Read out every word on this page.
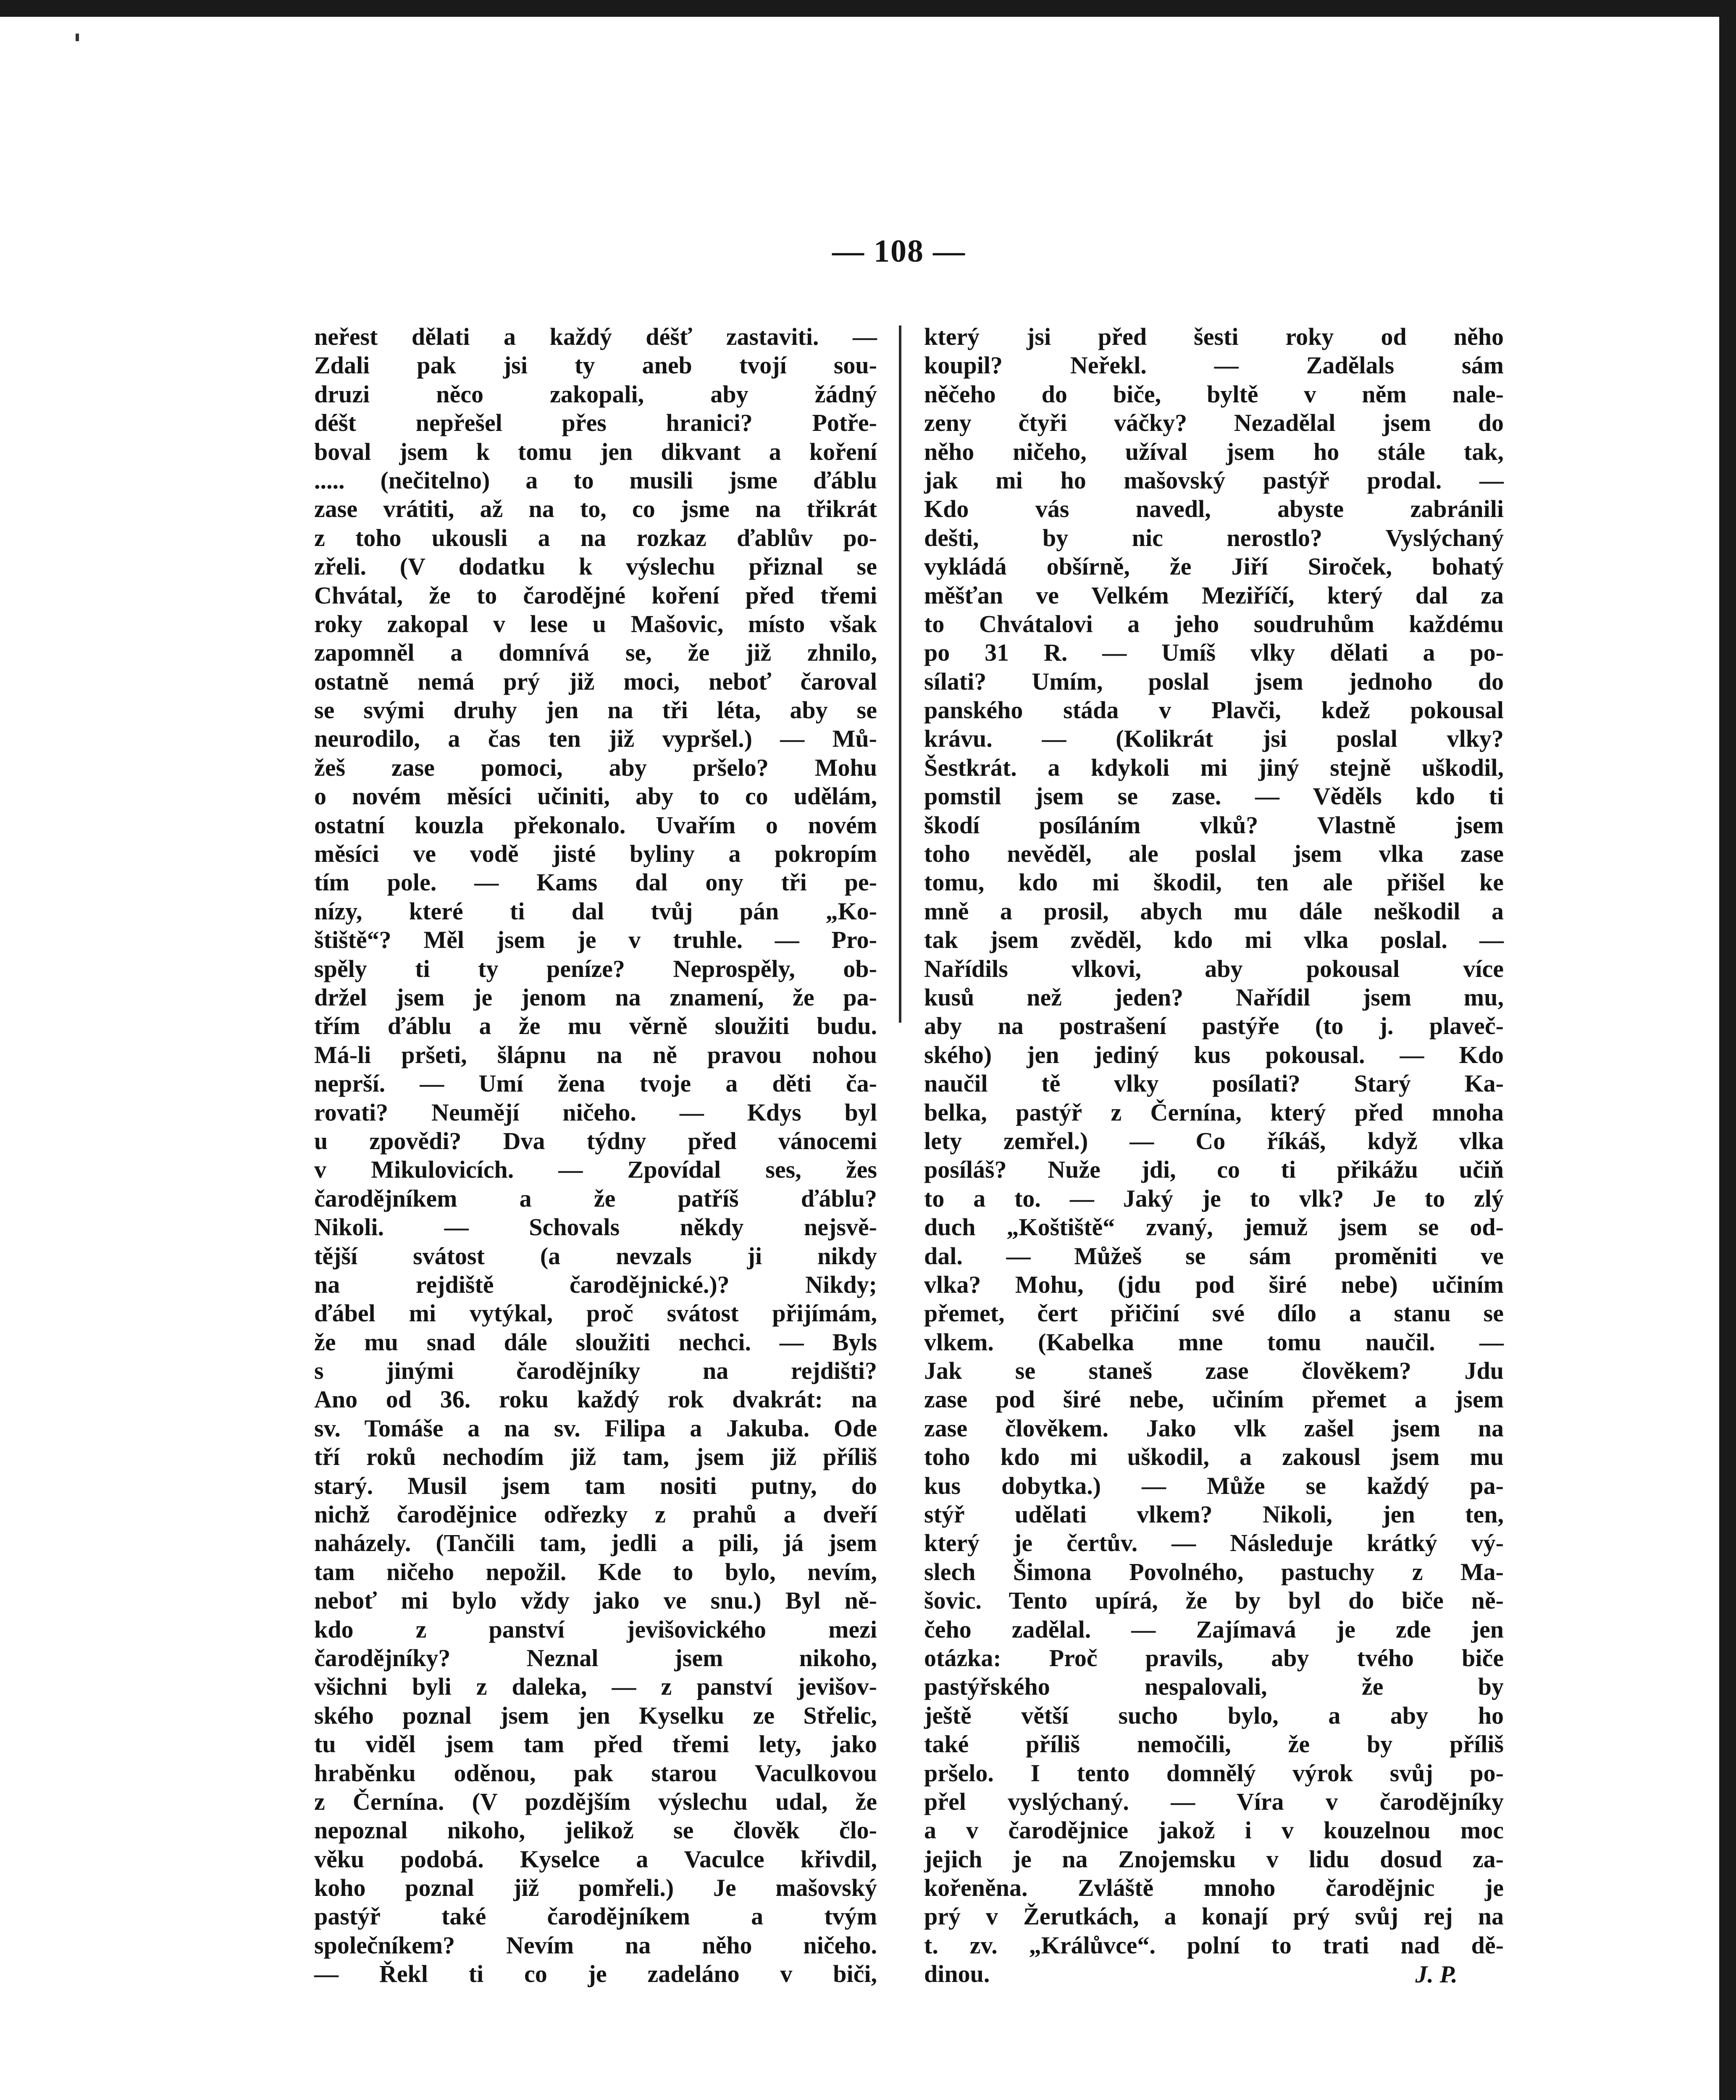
— 108 —
neřest dělati a každý déšť zastaviti. —
Zdali pak jsi ty aneb tvojí sou-
druzi něco zakopali, aby žádný
déšt nepřešel přes hranici? Potře-
boval jsem k tomu jen dikvant a koření
..... (nečitelno) a to musili jsme ďáblu
zase vrátiti, až na to, co jsme na třikrát
z toho ukousli a na rozkaz ďablův po-
zřeli. (V dodatku k výslechu přiznal se
Chvátal, že to čarodějné koření před třemi
roky zakopal v lese u Mašovic, místo však
zapomněl a domnívá se, že již zhnilo,
ostatně nemá prý již moci, neboť čaroval
se svými druhy jen na tři léta, aby se
neurodilo, a čas ten již vypršel.) — Mů-
žeš zase pomoci, aby pršelo? Mohu
o novém měsíci učiniti, aby to co udělám,
ostatní kouzla překonalo. Uvařím o novém
měsíci ve vodě jisté byliny a pokropím
tím pole. — Kams dal ony tři pe-
nízy, které ti dal tvůj pán „Ko-
štiště“? Měl jsem je v truhle. — Pro-
spěly ti ty peníze? Neprospěly, ob-
držel jsem je jenom na znamení, že pa-
třím ďáblu a že mu věrně sloužiti budu.
Má-li pršeti, šlápnu na ně pravou nohou
neprší. — Umí žena tvoje a děti ča-
rovati? Neumějí ničeho. — Kdys byl
u zpovědi? Dva týdny před vánocemi
v Mikulovicích. — Zpovídal ses, žes
čarodějníkem a že patříš ďáblu?
Nikoli. — Schovals někdy nejsvě-
tější svátost (a nevzals ji nikdy
na rejdiště čarodějnické.)? Nikdy;
ďábel mi vytýkal, proč svátost přijímám,
že mu snad dále sloužiti nechci. — Byls
s jinými čarodějníky na rejdišti?
Ano od 36. roku každý rok dvakrát: na
sv. Tomáše a na sv. Filipa a Jakuba. Ode
tří roků nechodím již tam, jsem již příliš
starý. Musil jsem tam nositi putny, do
nichž čarodějnice odřezky z prahů a dveří
naházely. (Tančili tam, jedli a pili, já jsem
tam ničeho nepožil. Kde to bylo, nevím,
neboť mi bylo vždy jako ve snu.) Byl ně-
kdo z panství jevišovického mezi
čarodějníky? Neznal jsem nikoho,
všichni byli z daleka, — z panství jevišov-
ského poznal jsem jen Kyselku ze Střelic,
tu viděl jsem tam před třemi lety, jako
hraběnku oděnou, pak starou Vaculkovou
z Černína. (V pozdějším výslechu udal, že
nepoznal nikoho, jelikož se člověk člo-
věku podobá. Kyselce a Vaculce křivdil,
koho poznal již pomřeli.) Je mašovský
pastýř také čarodějníkem a tvým
společníkem? Nevím na něho ničeho.
— Řekl ti co je zadeláno v biči,
který jsi před šesti roky od něho
koupil? Neřekl. — Zadělals sám
něčeho do biče, byltě v něm nale-
zeny čtyři váčky? Nezadělal jsem do
něho ničeho, užíval jsem ho stále tak,
jak mi ho mašovský pastýř prodal. —
Kdo vás navedl, abyste zabránili
dešti, by nic nerostlo? Vyslýchaný
vykládá obšírně, že Jiří Siroček, bohatý
měšťan ve Velkém Meziříčí, který dal za
to Chvátalovi a jeho soudruhům každému
po 31 R. — Umíš vlky dělati a po-
sílati? Umím, poslal jsem jednoho do
panského stáda v Plavči, kdež pokousal
krávu. — (Kolikrát jsi poslal vlky?
Šestkrát. a kdykoli mi jiný stejně uškodil,
pomstil jsem se zase. — Věděls kdo ti
škodí posíláním vlků? Vlastně jsem
toho nevěděl, ale poslal jsem vlka zase
tomu, kdo mi škodil, ten ale přišel ke
mně a prosil, abych mu dále neškodil a
tak jsem zvěděl, kdo mi vlka poslal. —
Nařídils vlkovi, aby pokousal více
kusů než jeden? Nařídil jsem mu,
aby na postrašení pastýře (to j. plaveč-
ského) jen jediný kus pokousal. — Kdo
naučil tě vlky posílati? Starý Ka-
belka, pastýř z Černína, který před mnoha
lety zemřel.) — Co říkáš, když vlka
posíláš? Nuže jdi, co ti přikážu učiň
to a to. — Jaký je to vlk? Je to zlý
duch „Koštiště“ zvaný, jemuž jsem se od-
dal. — Můžeš se sám proměniti ve
vlka? Mohu, (jdu pod širé nebe) učiním
přemet, čert přičiní své dílo a stanu se
vlkem. (Kabelka mne tomu naučil. —
Jak se staneš zase člověkem? Jdu
zase pod širé nebe, učiním přemet a jsem
zase člověkem. Jako vlk zašel jsem na
toho kdo mi uškodil, a zakousl jsem mu
kus dobytka.) — Může se každý pa-
stýř udělati vlkem? Nikoli, jen ten,
který je čertův. — Následuje krátký vý-
slech Šimona Povolného, pastuchy z Ma-
šovic. Tento upírá, že by byl do biče ně-
čeho zadělal. — Zajímavá je zde jen
otázka: Proč pravils, aby tvého biče
pastýřského nespalovali, že by
ještě větší sucho bylo, a aby ho
také příliš nemočili, že by příliš
pršelo. I tento domnělý výrok svůj po-
přel vyslýchaný. — Víra v čarodějníky
a v čarodějnice jakož i v kouzelnou moc
jejich je na Znojemsku v lidu dosud za-
kořeněna. Zvláště mnoho čarodějnic je
prý v Žerutkách, a konají prý svůj rej na
t. zv. „Králůvce“. polní to trati nad dě-
dinou.	J. P.
